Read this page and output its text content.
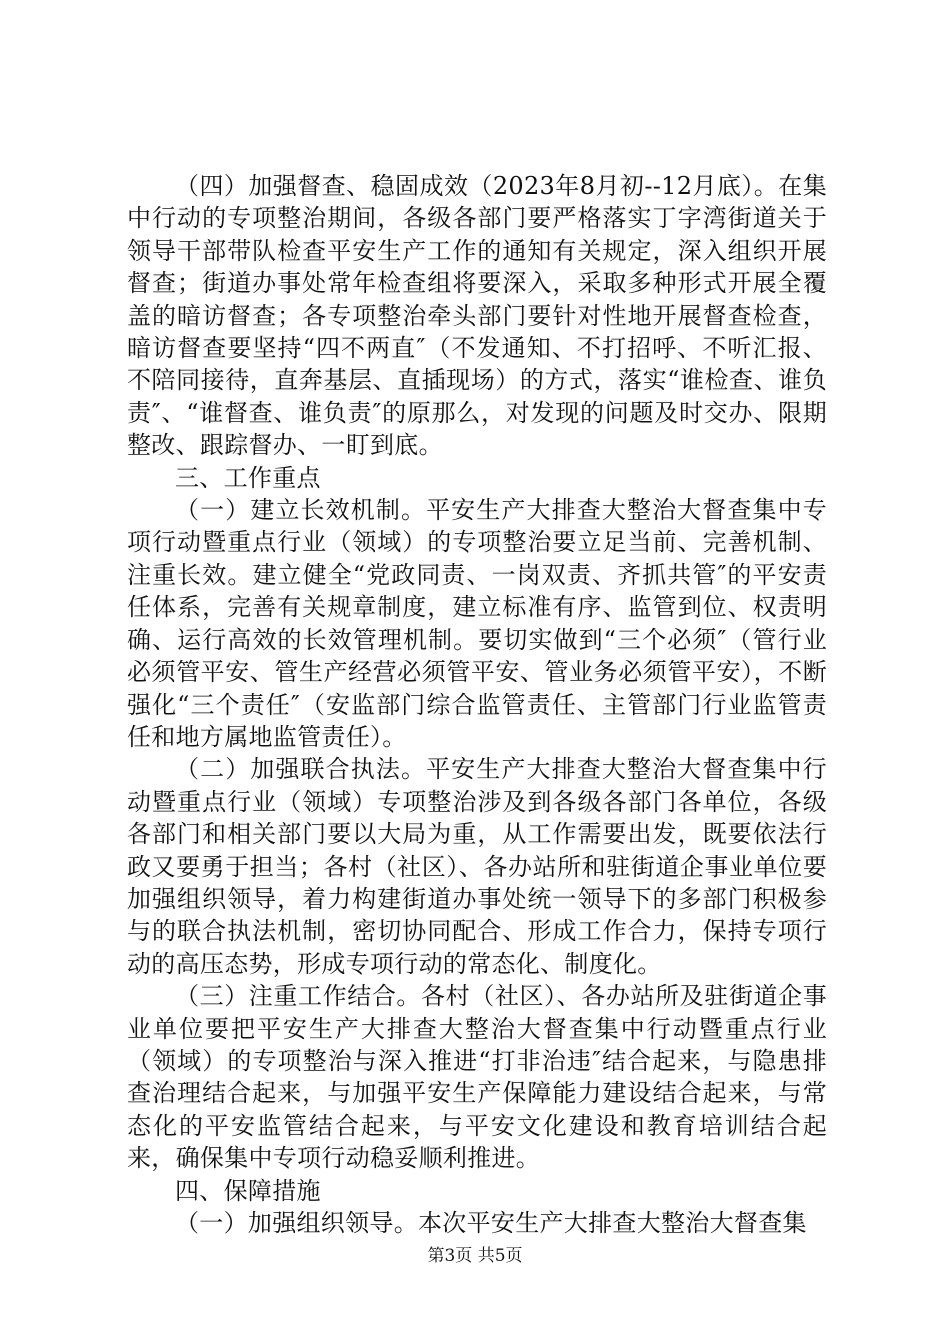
（四）加强督查、稳固成效（2023年8月初--12月底）。在集中行动的专项整治期间，各级各部门要严格落实丁字湾街道关于领导干部带队检查平安生产工作的通知有关规定，深入组织开展督查；街道办事处常年检查组将要深入，采取多种形式开展全覆盖的暗访督查；各专项整治牵头部门要针对性地开展督查检查，暗访督查要坚持“四不两直″（不发通知、不打招呼、不听汇报、不陪同接待，直奔基层、直插现场）的方式，落实“谁检查、谁负责″、“谁督查、谁负责″的原那么，对发现的问题及时交办、限期整改、跟踪督办、一盯到底。

三、工作重点

（一）建立长效机制。平安生产大排查大整治大督查集中专项行动暨重点行业（领域）的专项整治要立足当前、完善机制、注重长效。建立健全“党政同责、一岗双责、齐抓共管″的平安责任体系，完善有关规章制度，建立标准有序、监管到位、权责明确、运行高效的长效管理机制。要切实做到“三个必须″（管行业必须管平安、管生产经营必须管平安、管业务必须管平安），不断强化“三个责任″（安监部门综合监管责任、主管部门行业监管责任和地方属地监管责任）。

（二）加强联合执法。平安生产大排查大整治大督查集中行动暨重点行业（领域）专项整治涉及到各级各部门各单位，各级各部门和相关部门要以大局为重，从工作需要出发，既要依法行政又要勇于担当；各村（社区）、各办站所和驻街道企事业单位要加强组织领导，着力构建街道办事处统一领导下的多部门积极参与的联合执法机制，密切协同配合、形成工作合力，保持专项行动的高压态势，形成专项行动的常态化、制度化。

（三）注重工作结合。各村（社区）、各办站所及驻街道企事业单位要把平安生产大排查大整治大督查集中行动暨重点行业（领域）的专项整治与深入推进“打非治违″结合起来，与隐患排查治理结合起来，与加强平安生产保障能力建设结合起来，与常态化的平安监管结合起来，与平安文化建设和教育培训结合起来，确保集中专项行动稳妥顺利推进。

四、保障措施

（一）加强组织领导。本次平安生产大排查大整治大督查集

第3页 共5页
